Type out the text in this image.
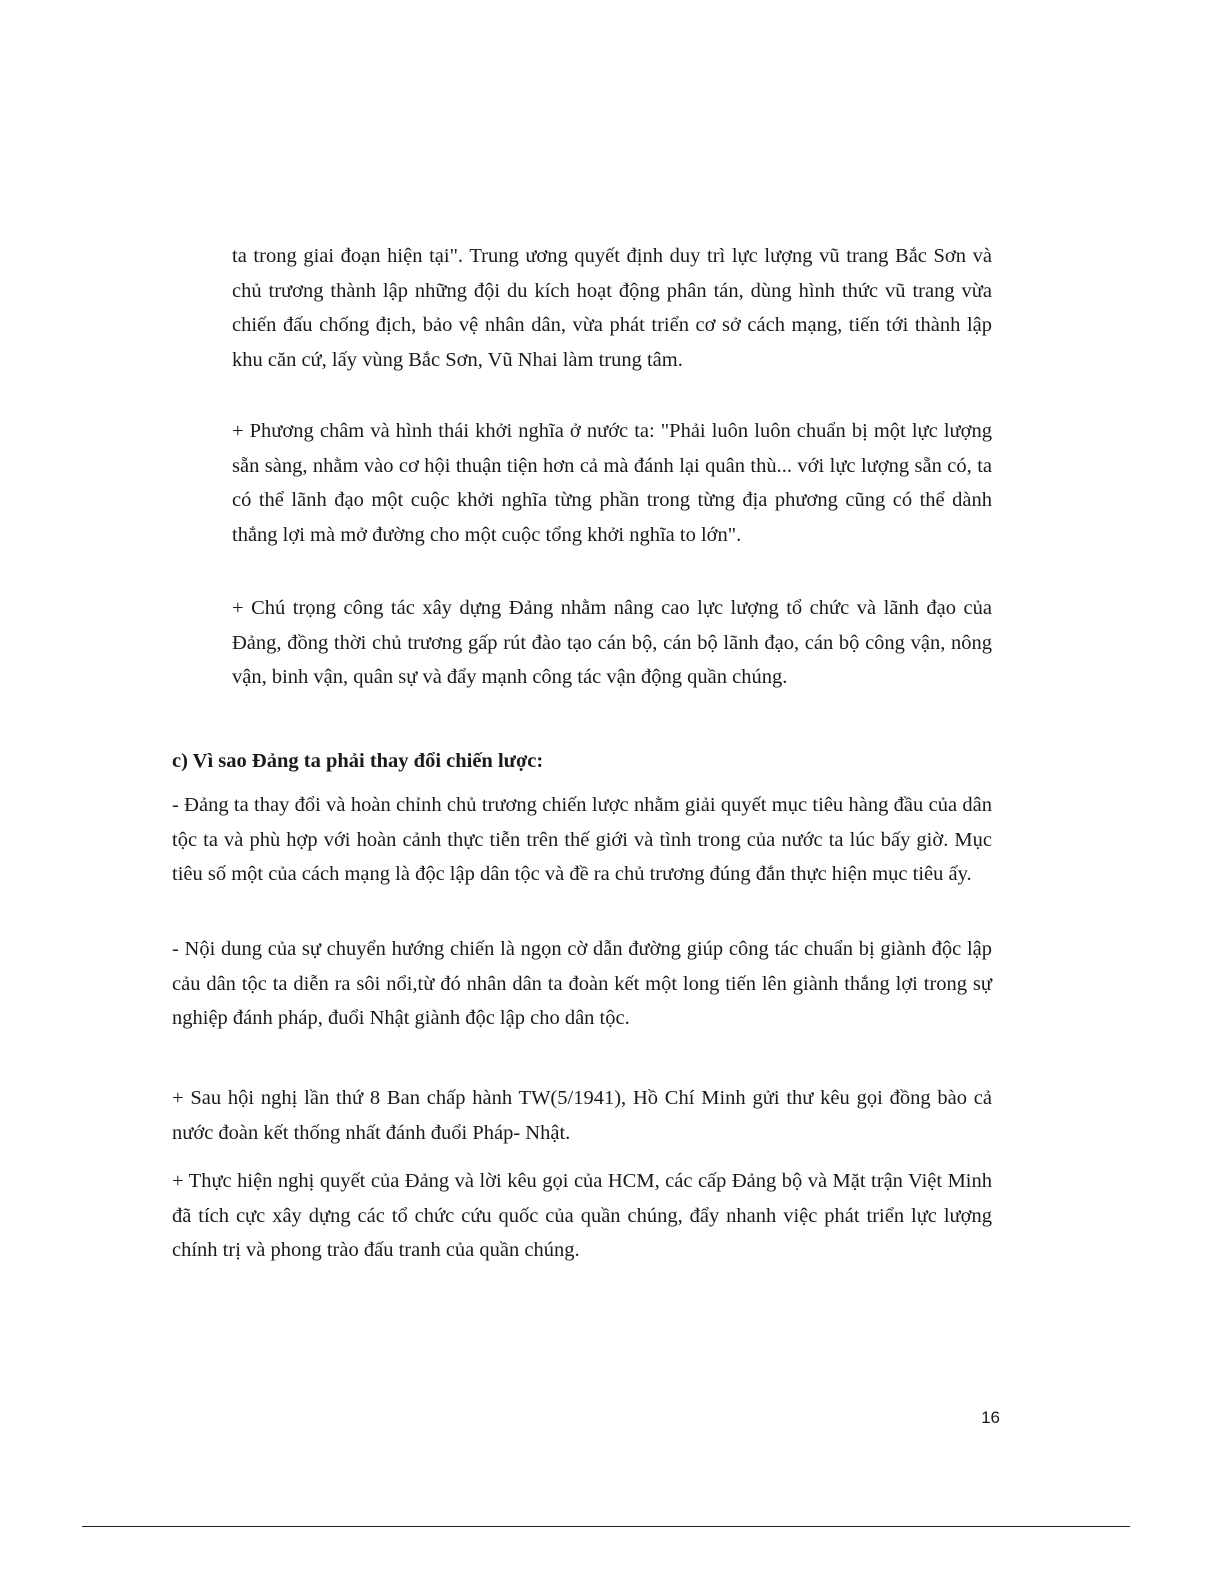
ta trong giai đoạn hiện tại". Trung ương quyết định duy trì lực lượng vũ trang Bắc Sơn và chủ trương thành lập những đội du kích hoạt động phân tán, dùng hình thức vũ trang vừa chiến đấu chống địch, bảo vệ nhân dân, vừa phát triển cơ sở cách mạng, tiến tới thành lập khu căn cứ, lấy vùng Bắc Sơn, Vũ Nhai làm trung tâm.

+ Phương châm và hình thái khởi nghĩa ở nước ta: "Phải luôn luôn chuẩn bị một lực lượng sẵn sàng, nhằm vào cơ hội thuận tiện hơn cả mà đánh lại quân thù... với lực lượng sẵn có, ta có thể lãnh đạo một cuộc khởi nghĩa từng phần trong từng địa phương cũng có thể dành thắng lợi mà mở đường cho một cuộc tổng khởi nghĩa to lớn".

+ Chú trọng công tác xây dựng Đảng nhằm nâng cao lực lượng tổ chức và lãnh đạo của Đảng, đồng thời chủ trương gấp rút đào tạo cán bộ, cán bộ lãnh đạo, cán bộ công vận, nông vận, binh vận, quân sự và đẩy mạnh công tác vận động quần chúng.

c) Vì sao Đảng ta phải thay đổi chiến lược:

- Đảng ta thay đổi và hoàn chỉnh chủ trương chiến lược nhằm giải quyết mục tiêu hàng đầu của dân tộc ta và phù hợp với hoàn cảnh thực tiễn trên thế giới và tình trong của nước ta lúc bấy giờ. Mục tiêu số một của cách mạng là độc lập dân tộc và đề ra chủ trương đúng đắn thực hiện mục tiêu ấy.

- Nội dung của sự chuyển hướng chiến là ngọn cờ dẫn đường giúp công tác chuẩn bị giành độc lập cảu dân tộc ta diễn ra sôi nổi,từ đó nhân dân ta đoàn kết một long tiến lên giành thắng lợi trong sự nghiệp đánh pháp, đuổi Nhật giành độc lập cho dân tộc.

+ Sau hội nghị lần thứ 8 Ban chấp hành TW(5/1941), Hồ Chí Minh gửi thư kêu gọi đồng bào cả nước đoàn kết thống nhất đánh đuổi Pháp- Nhật.

+ Thực hiện nghị quyết của Đảng và lời kêu gọi của HCM, các cấp Đảng bộ và Mặt trận Việt Minh đã tích cực xây dựng các tổ chức cứu quốc của quần chúng, đẩy nhanh việc phát triển lực lượng chính trị và phong trào đấu tranh của quần chúng.

16
